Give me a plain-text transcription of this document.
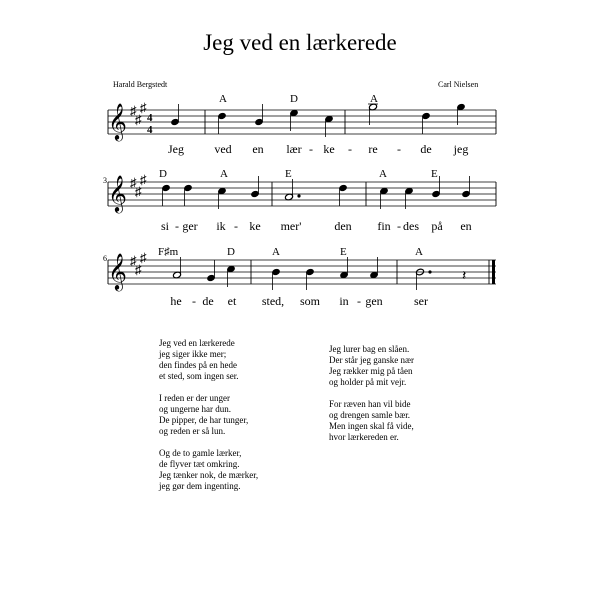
Jeg ved en lærkerede
Harald Bergstedt	Carl Nielsen
𝄞 ♯
♯
♯
4
4
A	D	A
Jeg	ved en lær - ke - re - de jeg
3 𝄞 ♯
♯
♯ D	A	E	A	E
si - ger ik - ke mer'	den fin - des på en
6 𝄞 ♯
♯
♯
𝄽
F♯m	D	A	E	A
he - de et sted, som in - gen	ser
Jeg ved en lærkerede
jeg siger ikke mer;
den findes på en hede
et sted, som ingen ser.
I reden er der unger
og ungerne har dun.
De pipper, de har tunger,
og reden er så lun.
Og de to gamle lærker,
de flyver tæt omkring.
Jeg tænker nok, de mærker,
jeg gør dem ingenting.
Jeg lurer bag en slåen.
Der står jeg ganske nær
Jeg rækker mig på tåen
og holder på mit vejr.
For ræven han vil bide
og drengen samle bær.
Men ingen skal få vide,
hvor lærkereden er.
